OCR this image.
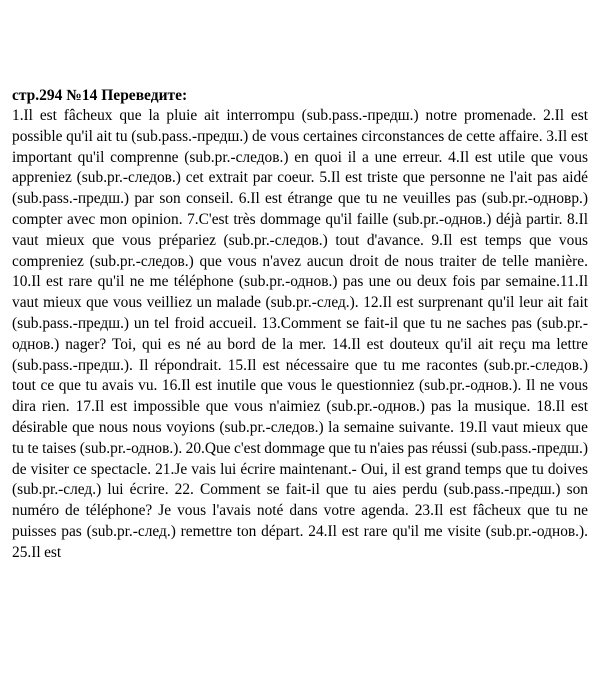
стр.294 №14 Переведите:

1.Il est fâcheux que la pluie ait interrompu (sub.pass.-предш.) notre promenade. 2.Il est possible qu'il ait tu (sub.pass.-предш.) de vous certaines circonstances de cette affaire. 3.Il est important qu'il comprenne (sub.pr.-следов.) en quoi il a une erreur. 4.Il est utile que vous appreniez (sub.pr.-следов.) cet extrait par coeur. 5.Il est triste que personne ne l'ait pas aidé (sub.pass.-предш.) par son conseil. 6.Il est étrange que tu ne veuilles pas (sub.pr.-одновр.) compter avec mon opinion. 7.C'est très dommage qu'il faille (sub.pr.-однов.) déjà partir. 8.Il vaut mieux que vous prépariez (sub.pr.-следов.) tout d'avance. 9.Il est temps que vous compreniez (sub.pr.-следов.) que vous n'avez aucun droit de nous traiter de telle manière. 10.Il est rare qu'il ne me téléphone (sub.pr.-однов.) pas une ou deux fois par semaine.11.Il vaut mieux que vous veilliez un malade (sub.pr.-след.). 12.Il est surprenant qu'il leur ait fait (sub.pass.-предш.) un tel froid accueil. 13.Comment se fait-il que tu ne saches pas (sub.pr.-однов.) nager? Toi, qui es né au bord de la mer. 14.Il est douteux qu'il ait reçu ma lettre (sub.pass.-предш.). Il répondrait. 15.Il est nécessaire que tu me racontes (sub.pr.-следов.) tout ce que tu avais vu. 16.Il est inutile que vous le questionniez (sub.pr.-однов.). Il ne vous dira rien. 17.Il est impossible que vous n'aimiez (sub.pr.-однов.) pas la musique. 18.Il est désirable que nous nous voyions (sub.pr.-следов.) la semaine suivante. 19.Il vaut mieux que tu te taises (sub.pr.-однов.). 20.Que c'est dommage que tu n'aies pas réussi (sub.pass.-предш.) de visiter ce spectacle. 21.Je vais lui écrire maintenant.- Oui, il est grand temps que tu doives (sub.pr.-след.) lui écrire. 22. Comment se fait-il que tu aies perdu (sub.pass.-предш.) son numéro de téléphone? Je vous l'avais noté dans votre agenda. 23.Il est fâcheux que tu ne puisses pas (sub.pr.-след.) remettre ton départ. 24.Il est rare qu'il me visite (sub.pr.-однов.). 25.Il est
